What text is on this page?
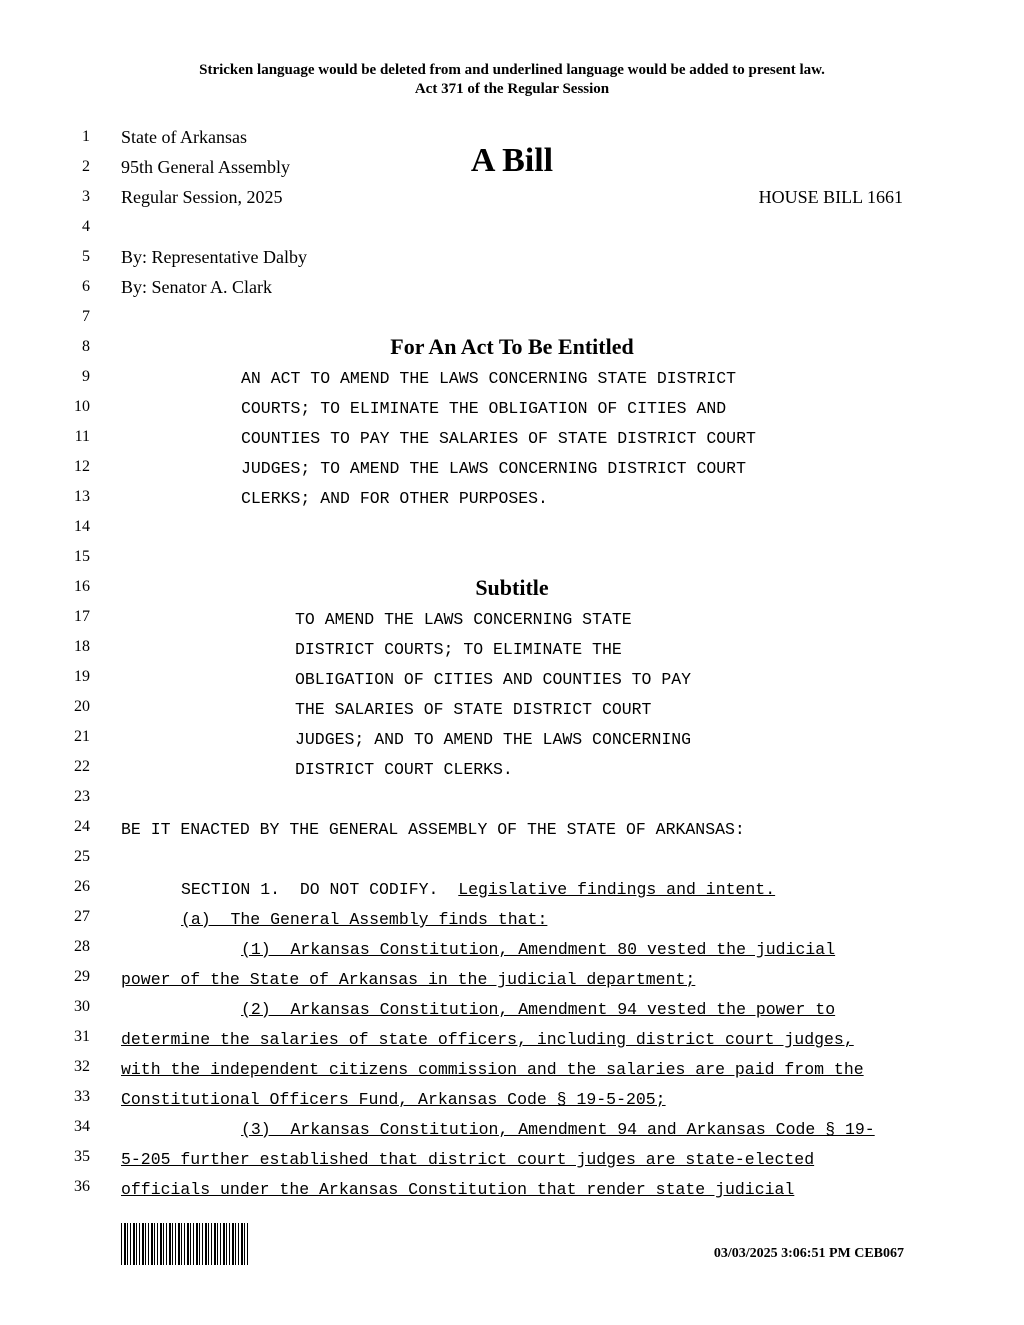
Stricken language would be deleted from and underlined language would be added to present law.
Act 371 of the Regular Session
1
2
3
4
5
6
7
8
9
10
11
12
13
14
15
16
17
18
19
20
21
22
23
24
25
26
27
28
29
30
31
32
33
34
35
36
State of Arkansas
95th General Assembly	A Bill
Regular Session, 2025	HOUSE BILL 1661
By: Representative Dalby
By: Senator A. Clark
For An Act To Be Entitled
AN ACT TO AMEND THE LAWS CONCERNING STATE DISTRICT
COURTS; TO ELIMINATE THE OBLIGATION OF CITIES AND
COUNTIES TO PAY THE SALARIES OF STATE DISTRICT COURT
JUDGES; TO AMEND THE LAWS CONCERNING DISTRICT COURT
CLERKS; AND FOR OTHER PURPOSES.
Subtitle
TO AMEND THE LAWS CONCERNING STATE
DISTRICT COURTS; TO ELIMINATE THE
OBLIGATION OF CITIES AND COUNTIES TO PAY
THE SALARIES OF STATE DISTRICT COURT
JUDGES; AND TO AMEND THE LAWS CONCERNING
DISTRICT COURT CLERKS.
BE IT ENACTED BY THE GENERAL ASSEMBLY OF THE STATE OF ARKANSAS:
SECTION 1.  DO NOT CODIFY.  Legislative findings and intent.
(a)  The General Assembly finds that:
(1)  Arkansas Constitution, Amendment 80 vested the judicial
power of the State of Arkansas in the judicial department;
(2)  Arkansas Constitution, Amendment 94 vested the power to
determine the salaries of state officers, including district court judges,
with the independent citizens commission and the salaries are paid from the
Constitutional Officers Fund, Arkansas Code § 19-5-205;
(3)  Arkansas Constitution, Amendment 94 and Arkansas Code § 19-
5-205 further established that district court judges are state-elected
officials under the Arkansas Constitution that render state judicial
03/03/2025 3:06:51 PM CEB067
